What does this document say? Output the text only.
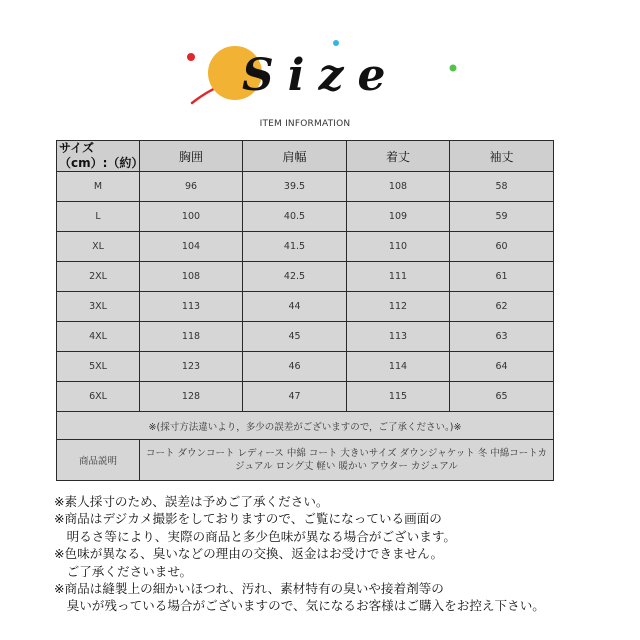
Size
ITEM INFORMATION
サイズ（cm）:（約）	胸囲	肩幅	着丈	袖丈
M	96	39.5	108	58
L	100	40.5	109	59
XL	104	41.5	110	60
2XL	108	42.5	111	61
3XL	113	44	112	62
4XL	118	45	113	63
5XL	123	46	114	64
6XL	128	47	115	65
※(採寸方法違いより，多少の誤差がございますので，ご了承ください。)※				
商品説明	コート ダウンコート レディース 中綿 コート 大きいサイズ ダウンジャケット 冬 中綿コートカジュアル ロング丈 軽い 暖かい アウター カジュアル			
※素人採寸のため、誤差は予めご了承ください。
※商品はデジカメ撮影をしておりますので、ご覧になっている画面の
　明るさ等により、実際の商品と多少色味が異なる場合がございます。
※色味が異なる、臭いなどの理由の交換、返金はお受けできません。
　ご了承くださいませ。
※商品は縫製上の細かいほつれ、汚れ、素材特有の臭いや接着剤等の
　臭いが残っている場合がございますので、気になるお客様はご購入をお控え下さい。
